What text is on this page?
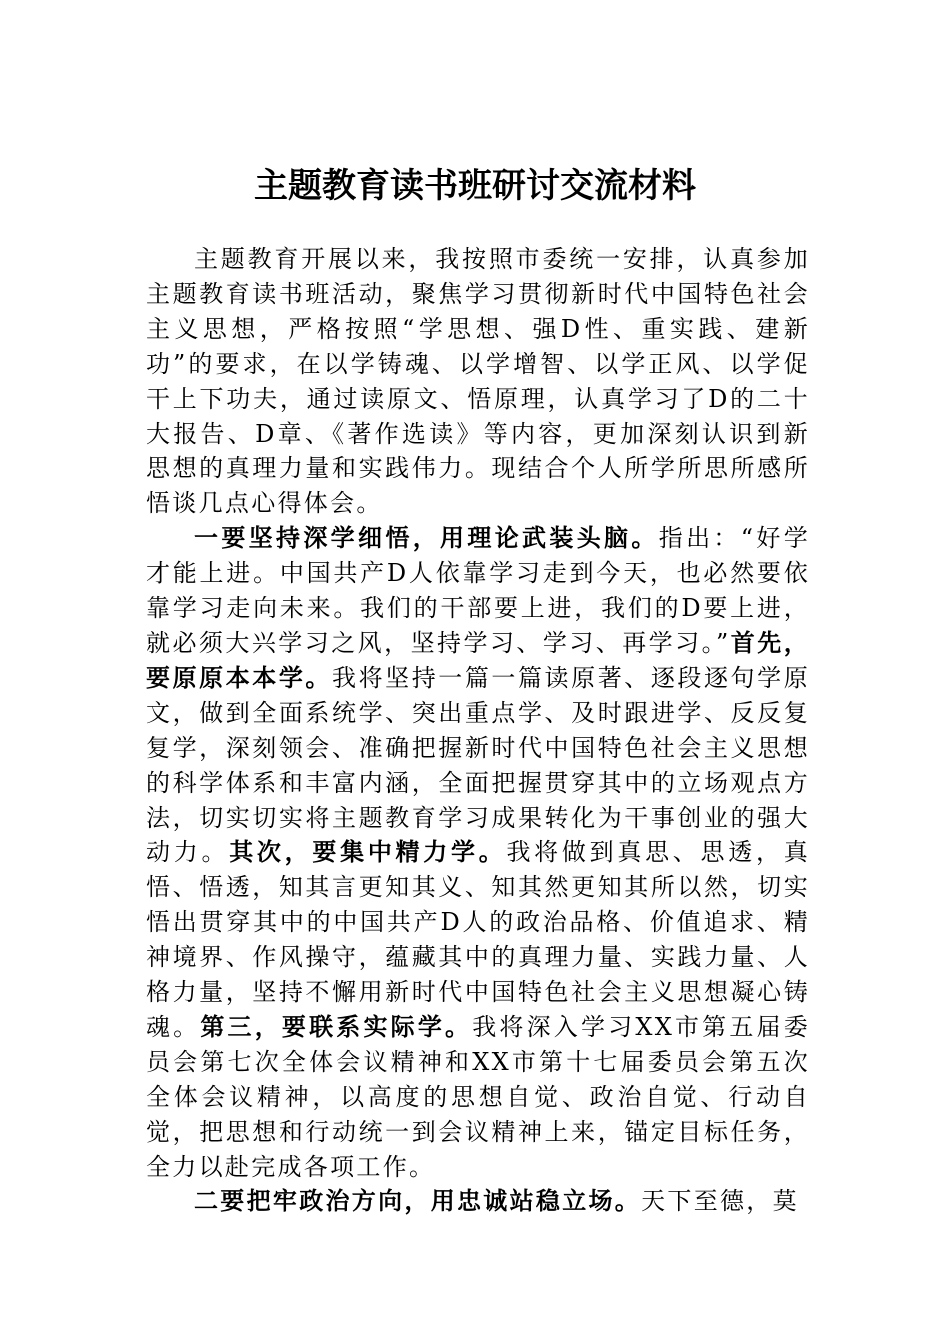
主题教育读书班研讨交流材料

主题教育开展以来，我按照市委统一安排，认真参加主题教育读书班活动，聚焦学习贯彻新时代中国特色社会主义思想，严格按照“学思想、强D性、重实践、建新功”的要求，在以学铸魂、以学增智、以学正风、以学促干上下功夫，通过读原文、悟原理，认真学习了D的二十大报告、D章、《著作选读》等内容，更加深刻认识到新思想的真理力量和实践伟力。现结合个人所学所思所感所悟谈几点心得体会。

一要坚持深学细悟，用理论武装头脑。指出：“好学才能上进。中国共产D人依靠学习走到今天，也必然要依靠学习走向未来。我们的干部要上进，我们的D要上进，就必须大兴学习之风，坚持学习、学习、再学习。”首先，要原原本本学。我将坚持一篇一篇读原著、逐段逐句学原文，做到全面系统学、突出重点学、及时跟进学、反反复复学，深刻领会、准确把握新时代中国特色社会主义思想的科学体系和丰富内涵，全面把握贯穿其中的立场观点方法，切实切实将主题教育学习成果转化为干事创业的强大动力。其次，要集中精力学。我将做到真思、思透，真悟、悟透，知其言更知其义、知其然更知其所以然，切实悟出贯穿其中的中国共产D人的政治品格、价值追求、精神境界、作风操守，蕴藏其中的真理力量、实践力量、人格力量，坚持不懈用新时代中国特色社会主义思想凝心铸魂。第三，要联系实际学。我将深入学习XX市第五届委员会第七次全体会议精神和XX市第十七届委员会第五次全体会议精神，以高度的思想自觉、政治自觉、行动自觉，把思想和行动统一到会议精神上来，锚定目标任务，全力以赴完成各项工作。

二要把牢政治方向，用忠诚站稳立场。天下至德，莫
